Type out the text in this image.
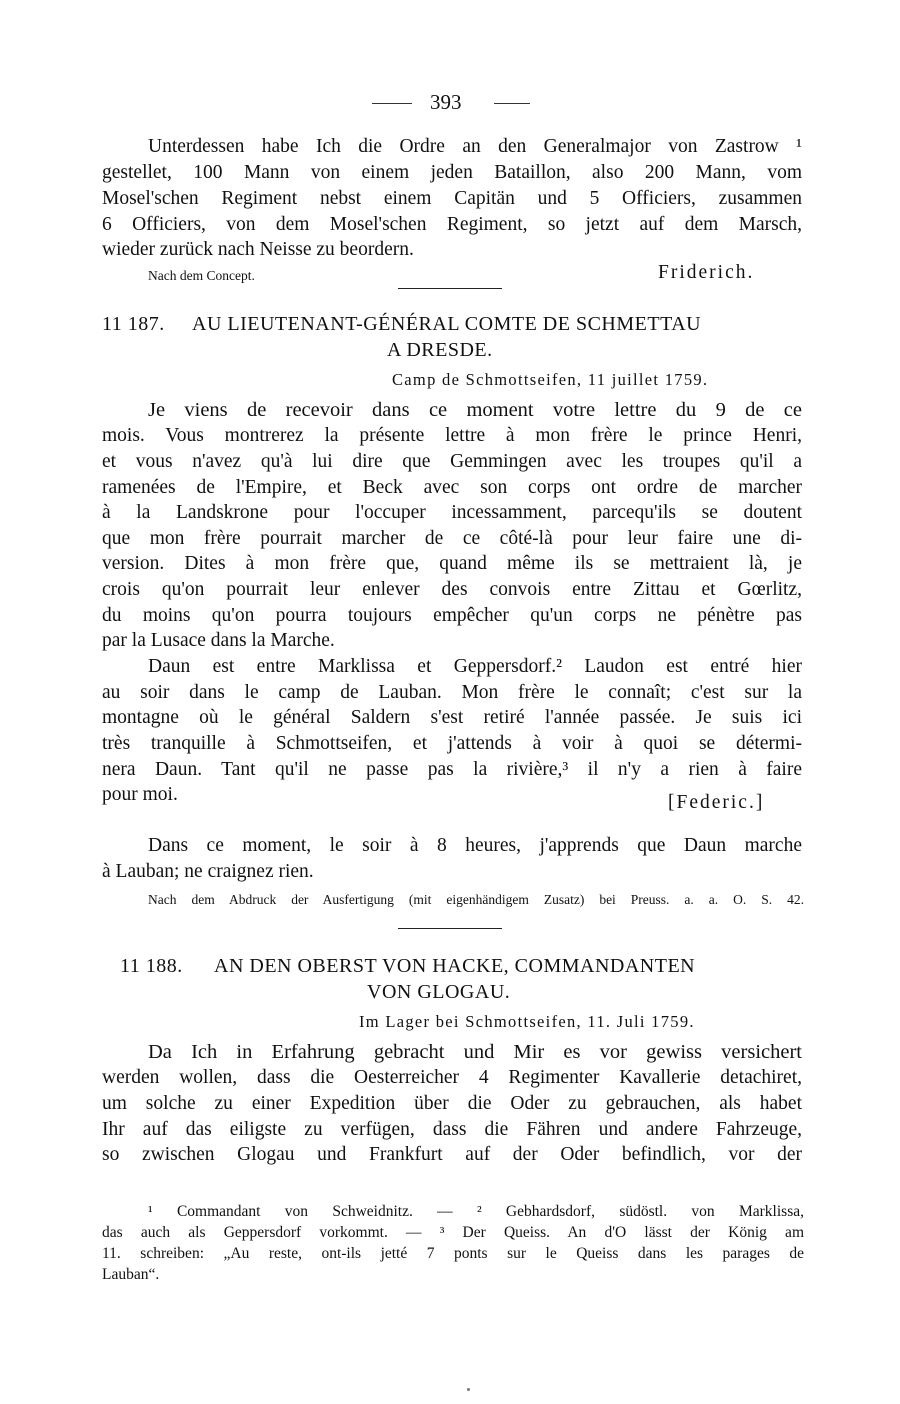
393
Unterdessen habe Ich die Ordre an den Generalmajor von Zastrow ¹
gestellet, 100 Mann von einem jeden Bataillon, also 200 Mann, vom
Mosel'schen Regiment nebst einem Capitän und 5 Officiers, zusammen
6 Officiers, von dem Mosel'schen Regiment, so jetzt auf dem Marsch,
wieder zurück nach Neisse zu beordern.
Nach dem Concept.	Friderich.
11 187. AU LIEUTENANT-GÉNÉRAL COMTE DE SCHMETTAU
A DRESDE.
Camp de Schmottseifen, 11 juillet 1759.
Je viens de recevoir dans ce moment votre lettre du 9 de ce
mois. Vous montrerez la présente lettre à mon frère le prince Henri,
et vous n'avez qu'à lui dire que Gemmingen avec les troupes qu'il a
ramenées de l'Empire, et Beck avec son corps ont ordre de marcher
à la Landskrone pour l'occuper incessamment, parcequ'ils se doutent
que mon frère pourrait marcher de ce côté-là pour leur faire une di-
version. Dites à mon frère que, quand même ils se mettraient là, je
crois qu'on pourrait leur enlever des convois entre Zittau et Gœrlitz,
du moins qu'on pourra toujours empêcher qu'un corps ne pénètre pas
par la Lusace dans la Marche.
Daun est entre Marklissa et Geppersdorf.² Laudon est entré hier
au soir dans le camp de Lauban. Mon frère le connaît; c'est sur la
montagne où le général Saldern s'est retiré l'année passée. Je suis ici
très tranquille à Schmottseifen, et j'attends à voir à quoi se détermi-
nera Daun. Tant qu'il ne passe pas la rivière,³ il n'y a rien à faire
pour moi.	[Federic.]
Dans ce moment, le soir à 8 heures, j'apprends que Daun marche
à Lauban; ne craignez rien.
Nach dem Abdruck der Ausfertigung (mit eigenhändigem Zusatz) bei Preuss. a. a. O. S. 42.
11 188. AN DEN OBERST VON HACKE, COMMANDANTEN
VON GLOGAU.
Im Lager bei Schmottseifen, 11. Juli 1759.
Da Ich in Erfahrung gebracht und Mir es vor gewiss versichert
werden wollen, dass die Oesterreicher 4 Regimenter Kavallerie detachiret,
um solche zu einer Expedition über die Oder zu gebrauchen, als habet
Ihr auf das eiligste zu verfügen, dass die Fähren und andere Fahrzeuge,
so zwischen Glogau und Frankfurt auf der Oder befindlich, vor der
¹ Commandant von Schweidnitz. — ² Gebhardsdorf, südöstl. von Marklissa,
das auch als Geppersdorf vorkommt. — ³ Der Queiss. An d'O lässt der König am
11. schreiben: „Au reste, ont-ils jetté 7 ponts sur le Queiss dans les parages de
Lauban“.
